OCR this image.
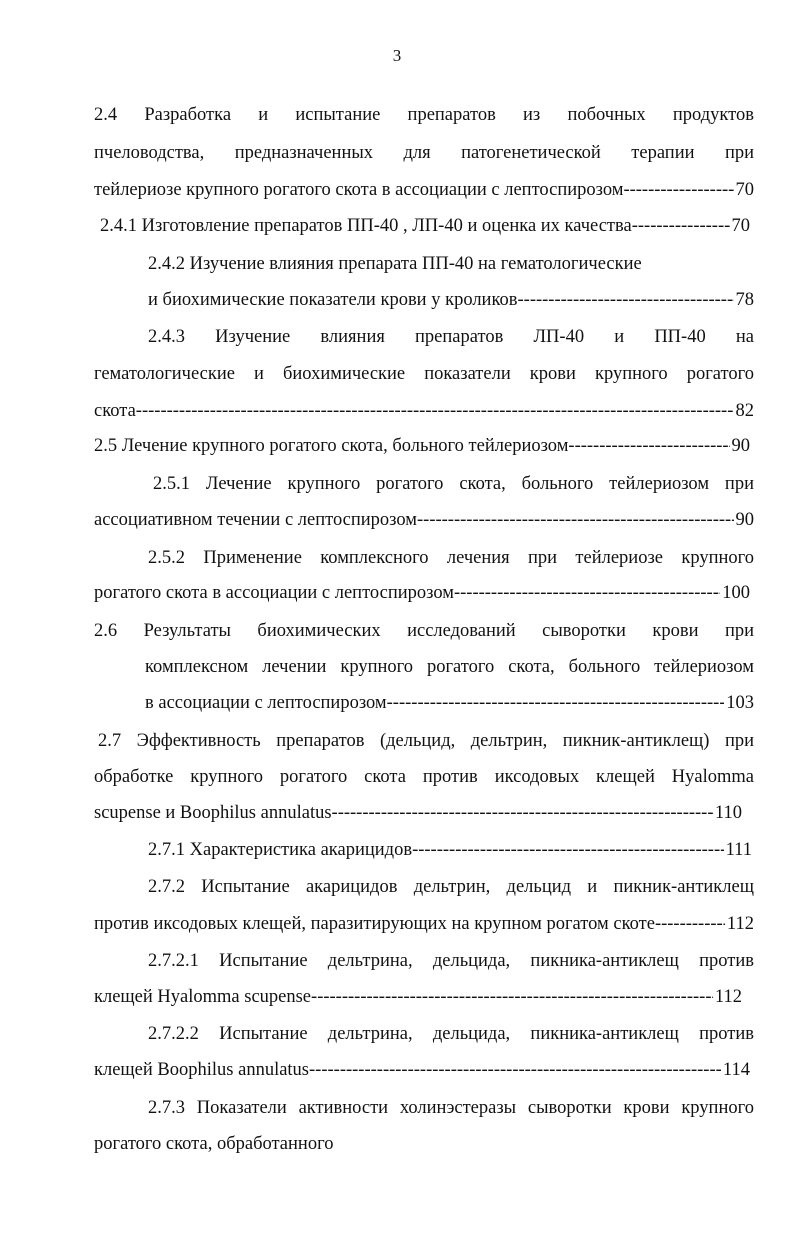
3
2.4 Разработка и испытание препаратов из побочных продуктов
пчеловодства, предназначенных для патогенетической терапии при
тейлериозе крупного рогатого скота в ассоциации с лептоспирозом -----	70
2.4.1 Изготовление препаратов ПП-40 , ЛП-40 и оценка их качества -----	70
2.4.2 Изучение влияния препарата ПП-40 на гематологические
и биохимические показатели крови у кроликов -----	78
2.4.3 Изучение влияния препаратов ЛП-40 и ПП-40 на
гематологические и биохимические показатели крови крупного рогатого
скота -----	82
2.5 Лечение крупного рогатого скота, больного тейлериозом -----	90
2.5.1 Лечение крупного рогатого скота, больного тейлериозом при
ассоциативном течении с лептоспирозом -----	90
2.5.2 Применение комплексного лечения при тейлериозе крупного
рогатого скота в ассоциации с лептоспирозом -----	100
2.6 Результаты биохимических исследований сыворотки крови при
комплексном лечении крупного рогатого скота, больного тейлериозом
в ассоциации с лептоспирозом -----	103
2.7 Эффективность препаратов (дельцид, дельтрин, пикник-антиклещ) при
обработке крупного рогатого скота против иксодовых клещей Hyalomma
scupense и Boophilus annulatus -----	110
2.7.1 Характеристика акарицидов -----	111
2.7.2 Испытание акарицидов дельтрин, дельцид и пикник-антиклещ
против иксодовых клещей, паразитирующих на крупном рогатом скоте -----	112
2.7.2.1 Испытание дельтрина, дельцида, пикника-антиклещ против
клещей Hyalomma scupense -----	112
2.7.2.2 Испытание дельтрина, дельцида, пикника-антиклещ против
клещей Boophilus annulatus -----	114
2.7.3 Показатели активности холинэстеразы сыворотки крови крупного
рогатого скота, обработанного
